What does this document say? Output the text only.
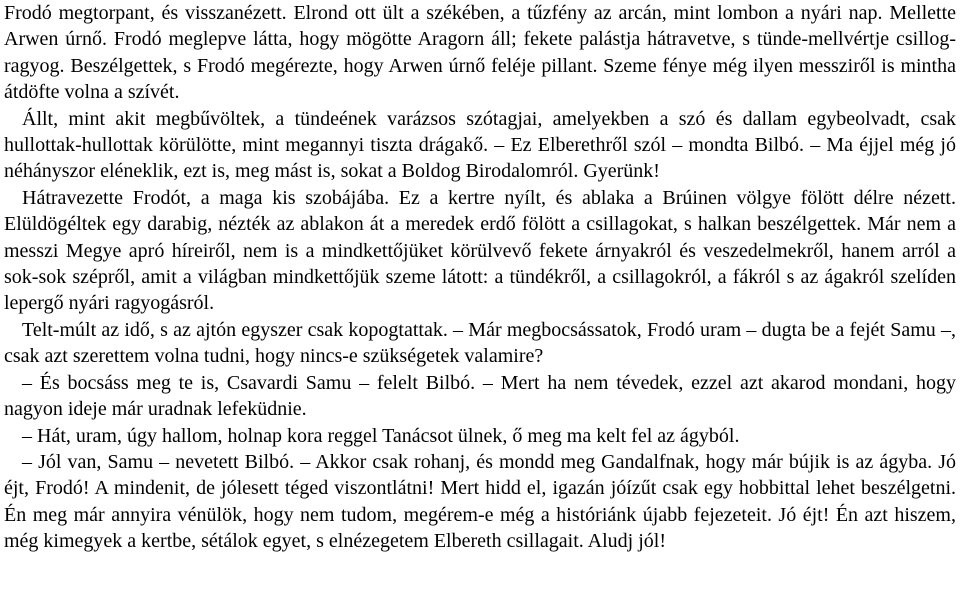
Frodó megtorpant, és visszanézett. Elrond ott ült a székében, a tűzfény az arcán, mint lombon a nyári nap. Mellette Arwen úrnő. Frodó meglepve látta, hogy mögötte Aragorn áll; fekete palástja hátravetve, s tünde-mellvértje csillog-ragyog. Beszélgettek, s Frodó megérezte, hogy Arwen úrnő feléje pillant. Szeme fénye még ilyen messziről is mintha átdöfte volna a szívét.

Állt, mint akit megbűvöltek, a tündeének varázsos szótagjai, amelyekben a szó és dallam egybeolvadt, csak hullottak-hullottak körülötte, mint megannyi tiszta drágakő. – Ez Elberethről szól – mondta Bilbó. – Ma éjjel még jó néhányszor eléneklik, ezt is, meg mást is, sokat a Boldog Birodalomról. Gyerünk!

Hátravezette Frodót, a maga kis szobájába. Ez a kertre nyílt, és ablaka a Brúinen völgye fölött délre nézett. Elüldögéltek egy darabig, nézték az ablakon át a meredek erdő fölött a csillagokat, s halkan beszélgettek. Már nem a messzi Megye apró híreiről, nem is a mindkettőjüket körülvevő fekete árnyakról és veszedelmekről, hanem arról a sok-sok szépről, amit a világban mindkettőjük szeme látott: a tündékről, a csillagokról, a fákról s az ágakról szelíden lepergő nyári ragyogásról.

Telt-múlt az idő, s az ajtón egyszer csak kopogtattak. – Már megbocsássatok, Frodó uram – dugta be a fejét Samu –, csak azt szerettem volna tudni, hogy nincs-e szükségetek valamire?

– És bocsáss meg te is, Csavardi Samu – felelt Bilbó. – Mert ha nem tévedek, ezzel azt akarod mondani, hogy nagyon ideje már uradnak lefeküdnie.

– Hát, uram, úgy hallom, holnap kora reggel Tanácsot ülnek, ő meg ma kelt fel az ágyból.

– Jól van, Samu – nevetett Bilbó. – Akkor csak rohanj, és mondd meg Gandalfnak, hogy már bújik is az ágyba. Jó éjt, Frodó! A mindenit, de jólesett téged viszontlátni! Mert hidd el, igazán jóízűt csak egy hobbittal lehet beszélgetni. Én meg már annyira vénülök, hogy nem tudom, megérem-e még a históriánk újabb fejezeteit. Jó éjt! Én azt hiszem, még kimegyek a kertbe, sétálok egyet, s elnézegetem Elbereth csillagait. Aludj jól!
